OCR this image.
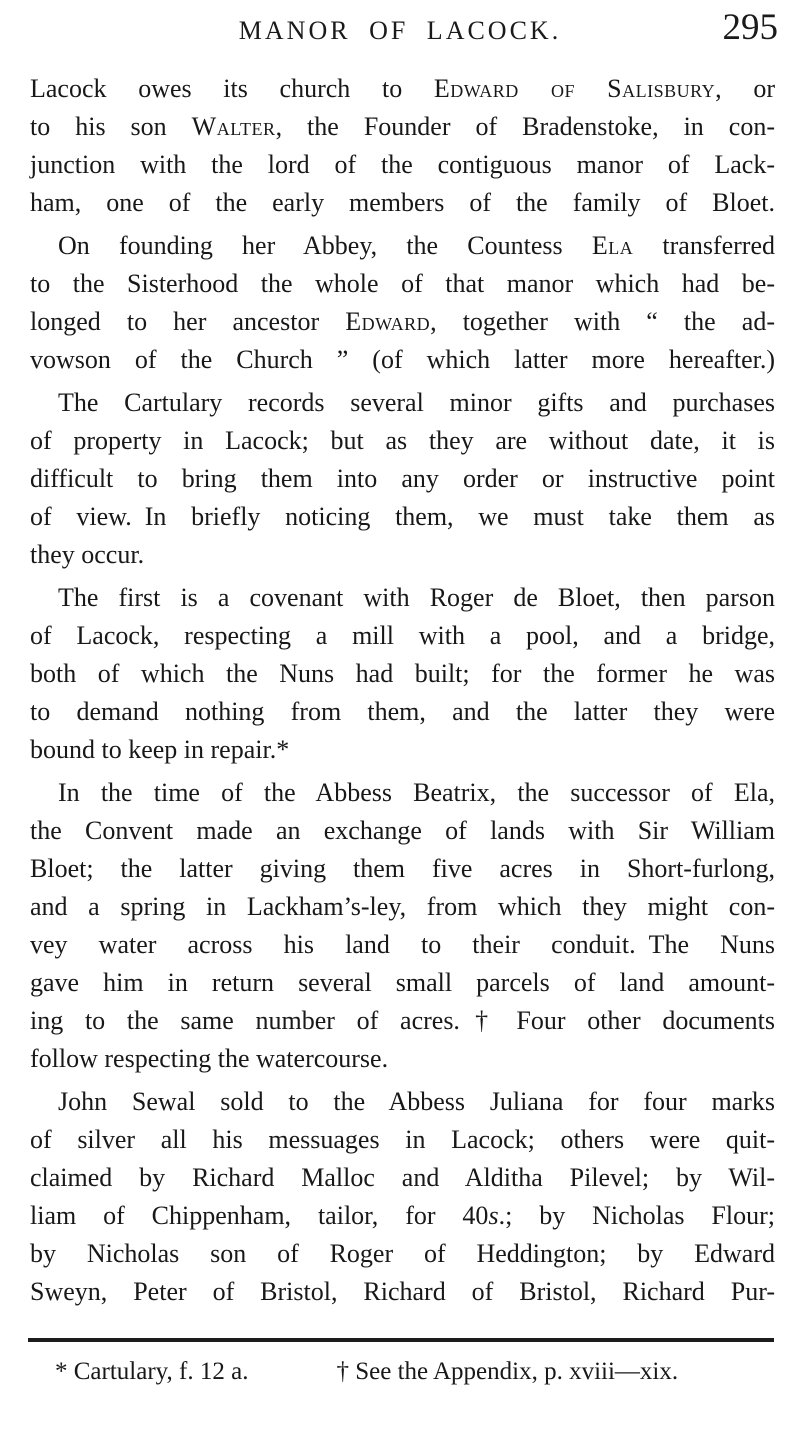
MANOR OF LACOCK.	295
Lacock owes its church to Edward of Salisbury, or
to his son Walter, the Founder of Bradenstoke, in con-
junction with the lord of the contiguous manor of Lack-
ham, one of the early members of the family of Bloet.
On founding her Abbey, the Countess Ela transferred
to the Sisterhood the whole of that manor which had be-
longed to her ancestor Edward, together with “ the ad-
vowson of the Church ” (of which latter more hereafter.)
The Cartulary records several minor gifts and purchases
of property in Lacock; but as they are without date, it is
difficult to bring them into any order or instructive point
of view. In briefly noticing them, we must take them as
they occur.
The first is a covenant with Roger de Bloet, then parson
of Lacock, respecting a mill with a pool, and a bridge,
both of which the Nuns had built; for the former he was
to demand nothing from them, and the latter they were
bound to keep in repair.*
In the time of the Abbess Beatrix, the successor of Ela,
the Convent made an exchange of lands with Sir William
Bloet; the latter giving them five acres in Short-furlong,
and a spring in Lackham’s-ley, from which they might con-
vey water across his land to their conduit. The Nuns
gave him in return several small parcels of land amount-
ing to the same number of acres.† Four other documents
follow respecting the watercourse.
John Sewal sold to the Abbess Juliana for four marks
of silver all his messuages in Lacock; others were quit-
claimed by Richard Malloc and Alditha Pilevel; by Wil-
liam of Chippenham, tailor, for 40s.; by Nicholas Flour;
by Nicholas son of Roger of Heddington; by Edward
Sweyn, Peter of Bristol, Richard of Bristol, Richard Pur-
* Cartulary, f. 12 a.	† See the Appendix, p. xviii—xix.
